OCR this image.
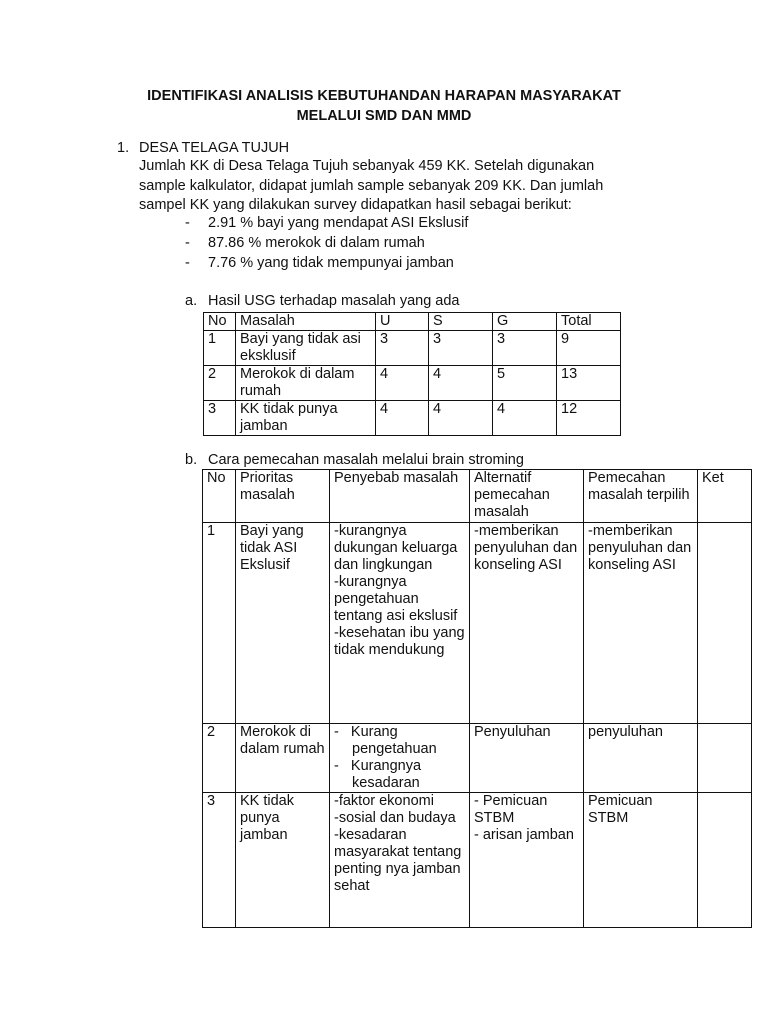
IDENTIFIKASI ANALISIS KEBUTUHANDAN HARAPAN MASYARAKAT
MELALUI SMD DAN MMD
1. DESA TELAGA TUJUH
Jumlah KK di Desa Telaga Tujuh sebanyak 459 KK. Setelah digunakan
sample kalkulator, didapat jumlah sample sebanyak 209 KK. Dan jumlah
sampel KK yang dilakukan survey didapatkan hasil sebagai berikut:
- 2.91 % bayi yang mendapat ASI Ekslusif
- 87.86 % merokok di dalam rumah
- 7.76 % yang tidak mempunyai jamban
a. Hasil USG terhadap masalah yang ada
No	Masalah	U	S	G	Total
1	Bayi yang tidak asi eksklusif	3	3	3	9
2	Merokok di dalam rumah	4	4	5	13
3	KK tidak punya jamban	4	4	4	12
b. Cara pemecahan masalah melalui brain stroming
No	Prioritas masalah	Penyebab masalah	Alternatif pemecahan masalah	Pemecahan masalah terpilih	Ket
1	Bayi yang tidak ASI Ekslusif	-kurangnya dukungan keluarga dan lingkungan
-kurangnya pengetahuan tentang asi ekslusif
-kesehatan ibu yang tidak mendukung	-memberikan penyuluhan dan konseling ASI	-memberikan penyuluhan dan konseling ASI	
2	Merokok di dalam rumah	-   Kurang pengetahuan
-   Kurangnya kesadaran	Penyuluhan	penyuluhan	
3	KK tidak punya jamban	-faktor ekonomi
-sosial dan budaya
-kesadaran masyarakat tentang penting nya jamban sehat	- Pemicuan STBM
- arisan jamban	Pemicuan STBM	
